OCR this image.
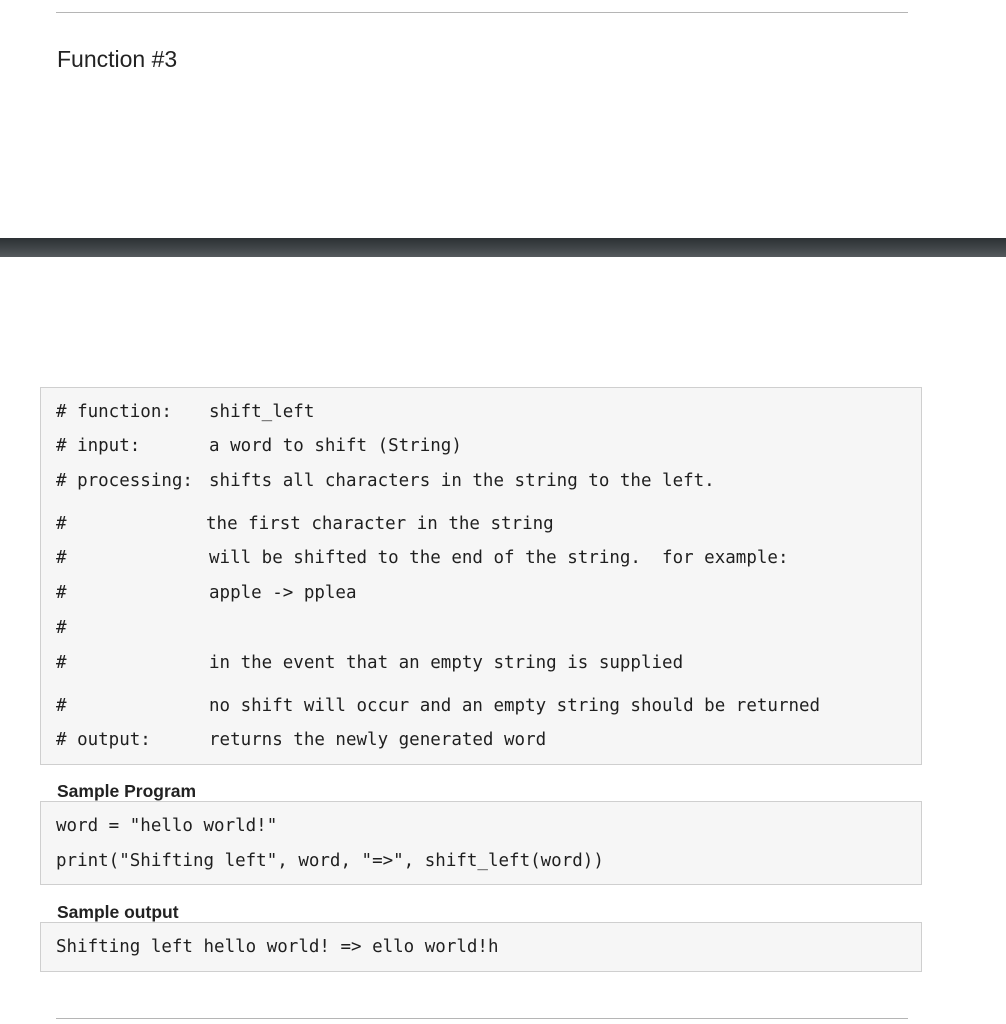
Function #3
# function: shift_left
# input:	a word to shift (String)
# processing: shifts all characters in the string to the left.
#	the first character in the string
#	will be shifted to the end of the string.  for example:
#	apple -> pplea
#
#	in the event that an empty string is supplied
#	no shift will occur and an empty string should be returned
# output:	returns the newly generated word
Sample Program
word = "hello world!"
print("Shifting left", word, "=>", shift_left(word))
Sample output
Shifting left hello world! => ello world!h
